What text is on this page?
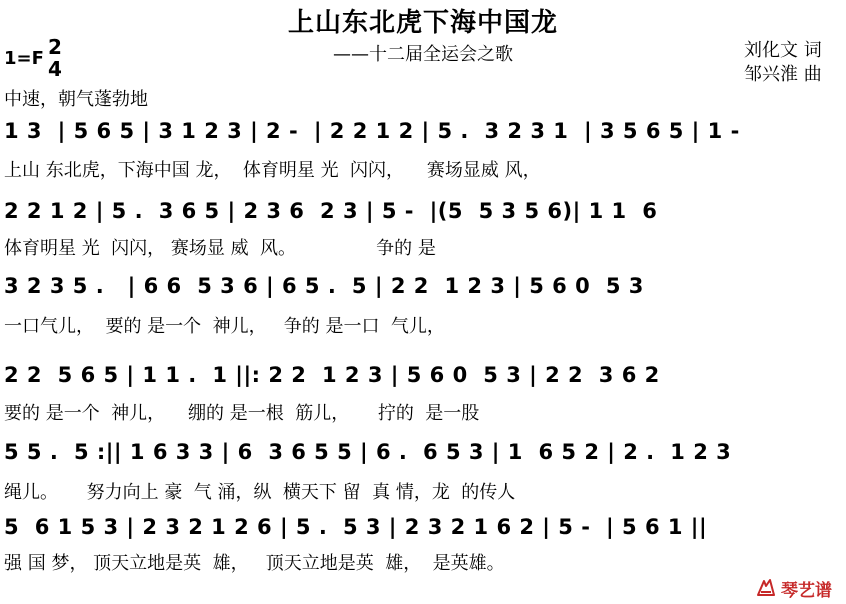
上山东北虎下海中国龙
——十二届全运会之歌	刘化文 词
邹兴淮 曲
1=F 2
4
中速，朝气蓬勃地
1 3  | 5 6 5 | 3 1 2 3 | 2 -  | 2 2 1 2 | 5 .  3 2 3 1  | 3 5 6 5 | 1 -
上山 东北虎，下海中国 龙，  体育明星 光  闪闪，    赛场显威 风，
2 2 1 2 | 5 .  3 6 5 | 2 3 6  2 3 | 5 -  |(5  5 3 5 6)| 1 1  6
体育明星 光  闪闪， 赛场显 威  风。              争的 是
3 2 3 5 .   | 6 6  5 3 6 | 6 5 .  5 | 2 2  1 2 3 | 5 6 0  5 3
一口气儿，  要的 是一个  神儿，   争的 是一口  气儿，
2 2  5 6 5 | 1 1 .  1 ||: 2 2  1 2 3 | 5 6 0  5 3 | 2 2  3 6 2
要的 是一个  神儿，    绷的 是一根  筋儿，     拧的  是一股
5 5 .  5 :|| 1 6 3 3 | 6  3 6 5 5 | 6 .  6 5 3 | 1  6 5 2 | 2 .  1 2 3
绳儿。     努力向上 豪  气 涌，纵  横天下 留  真 情，龙  的传人
5  6 1 5 3 | 2 3 2 1 2 6 | 5 .  5 3 | 2 3 2 1 6 2 | 5 -  | 5 6 1 ||
强 国 梦， 顶天立地是英  雄，   顶天立地是英  雄，  是英雄。
琴艺谱
